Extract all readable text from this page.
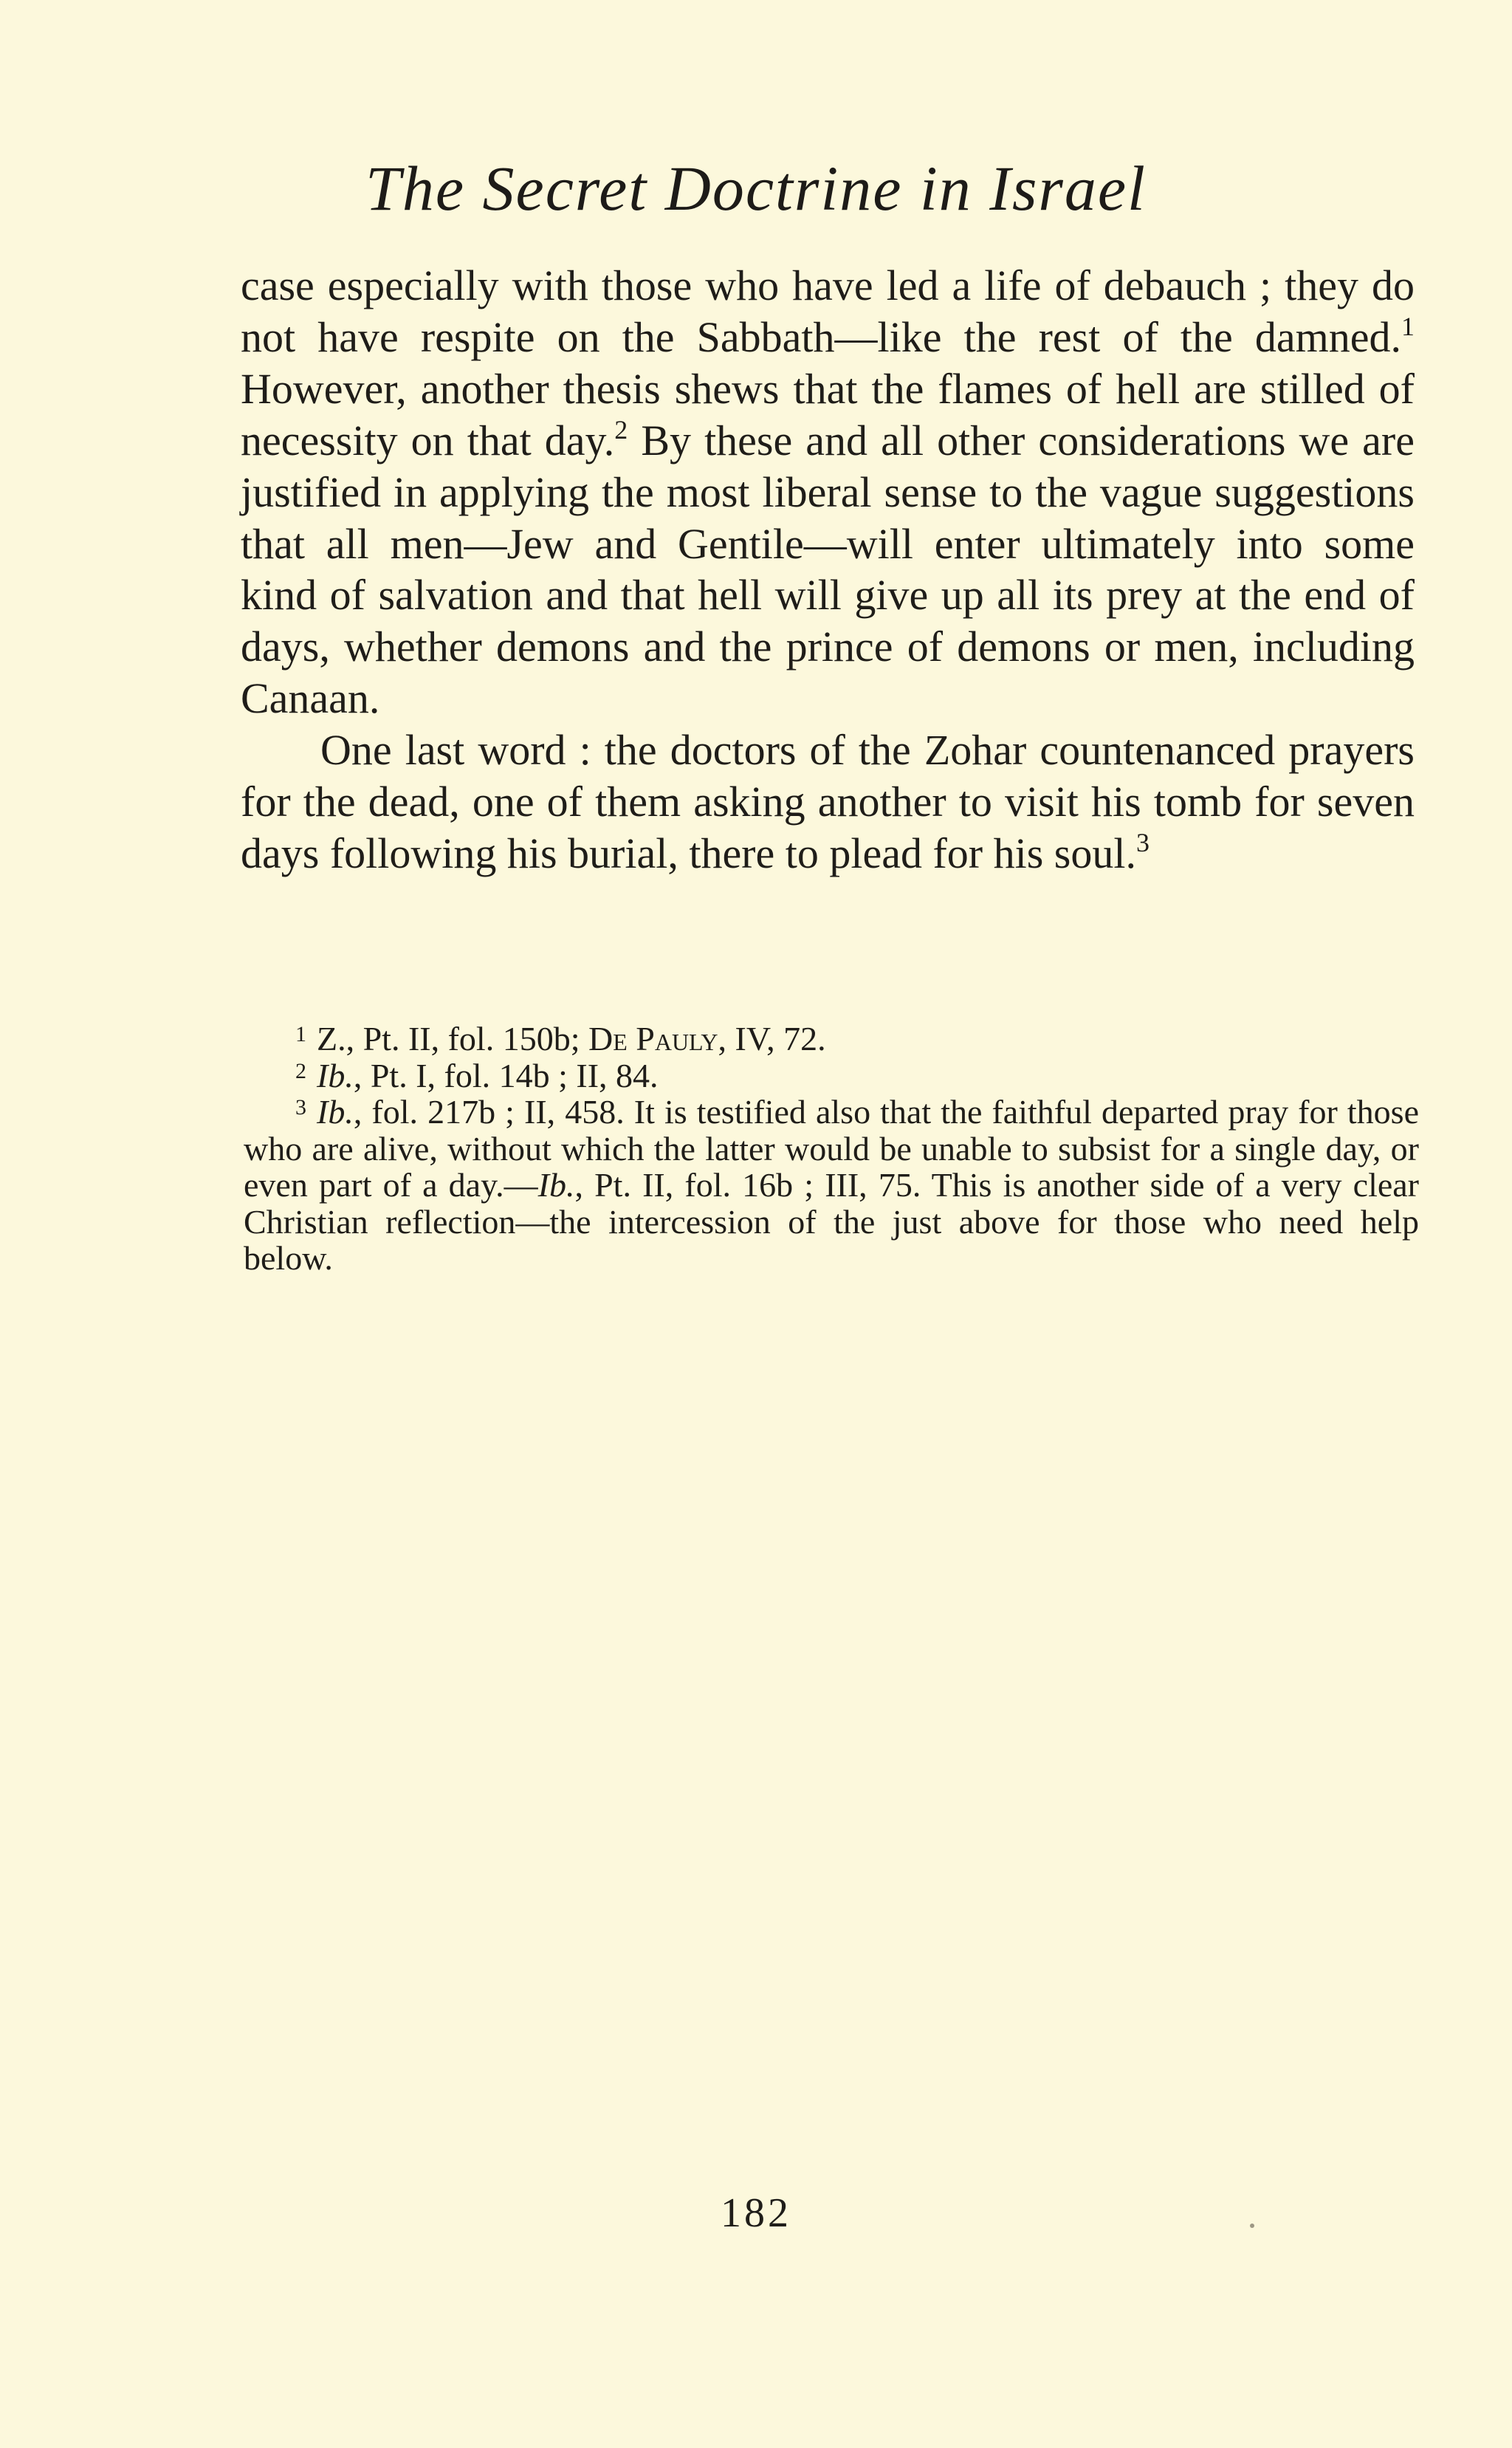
The Secret Doctrine in Israel

case especially with those who have led a life of debauch ; they do not have respite on the Sabbath—like the rest of the damned.$^1$ However, another thesis shews that the flames of hell are stilled of necessity on that day.$^2$ By these and all other considerations we are justified in applying the most liberal sense to the vague suggestions that all men—Jew and Gentile—will enter ultimately into some kind of salvation and that hell will give up all its prey at the end of days, whether demons and the prince of demons or men, including Canaan.

One last word : the doctors of the Zohar countenanced prayers for the dead, one of them asking another to visit his tomb for seven days following his burial, there to plead for his soul.$^3$

$^1$ Z., Pt. II, fol. 150b; De Pauly, IV, 72.

$^2$ Ib., Pt. I, fol. 14b ; II, 84.

$^3$ Ib., fol. 217b ; II, 458. It is testified also that the faithful departed pray for those who are alive, without which the latter would be unable to subsist for a single day, or even part of a day.—Ib., Pt. II, fol. 16b ; III, 75. This is another side of a very clear Christian reflection—the intercession of the just above for those who need help below.

182
